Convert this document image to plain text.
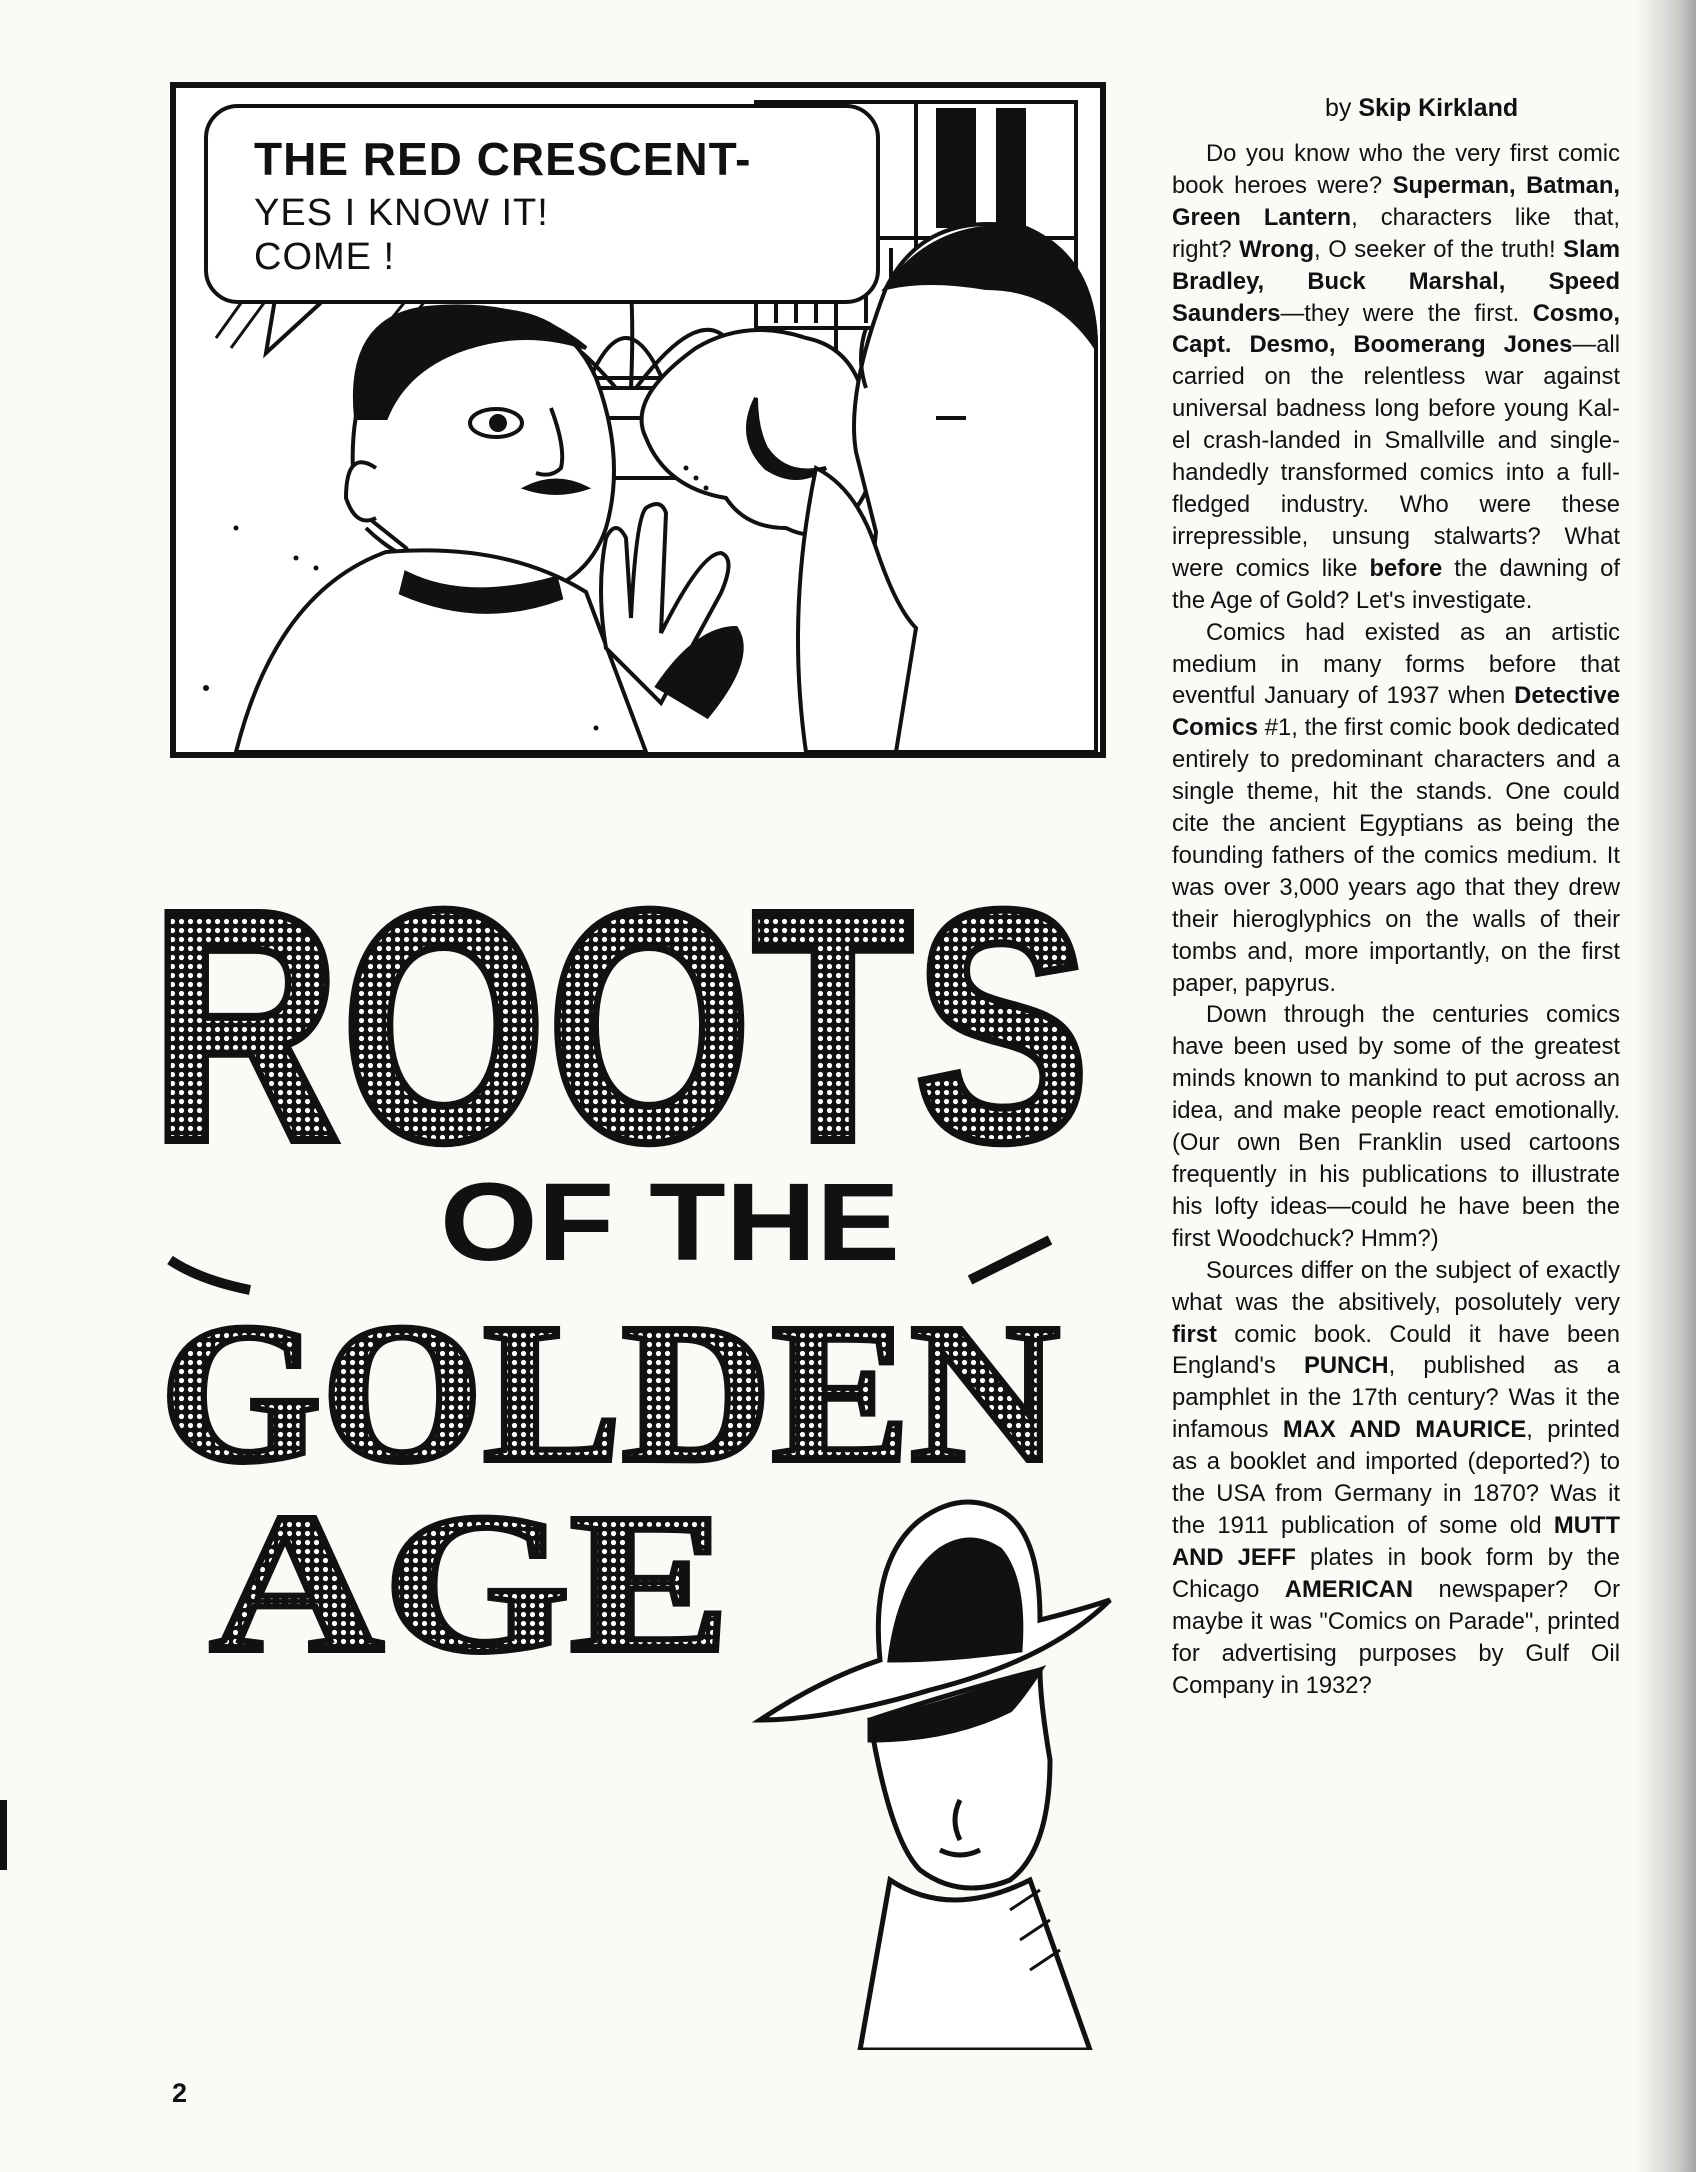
THE RED CRESCENT-
YES I KNOW IT!
COME !
ROOTS
OF THE
GOLDEN
AGE
by Skip Kirkland

Do you know who the very first comic book heroes were? Superman, Batman, Green Lantern, characters like that, right? Wrong, O seeker of the truth! Slam Bradley, Buck Marshal, Speed Saunders—they were the first. Cosmo, Capt. Desmo, Boomerang Jones—all carried on the relentless war against universal badness long before young Kal-el crash-landed in Smallville and single-handedly transformed comics into a full-fledged industry. Who were these irrepressible, unsung stalwarts? What were comics like before the dawning of the Age of Gold? Let's investigate.

Comics had existed as an artistic medium in many forms before that eventful January of 1937 when Detective Comics #1, the first comic book dedicated entirely to predominant characters and a single theme, hit the stands. One could cite the ancient Egyptians as being the founding fathers of the comics medium. It was over 3,000 years ago that they drew their hieroglyphics on the walls of their tombs and, more importantly, on the first paper, papyrus.

Down through the centuries comics have been used by some of the greatest minds known to mankind to put across an idea, and make people react emotionally. (Our own Ben Franklin used cartoons frequently in his publications to illustrate his lofty ideas—could he have been the first Woodchuck? Hmm?)

Sources differ on the subject of exactly what was the absitively, posolutely very first comic book. Could it have been England's PUNCH, published as a pamphlet in the 17th century? Was it the infamous MAX AND MAURICE, printed as a booklet and imported (deported?) to the USA from Germany in 1870? Was it the 1911 publication of some old MUTT AND JEFF plates in book form by the Chicago AMERICAN newspaper? Or maybe it was "Comics on Parade", printed for advertising purposes by Gulf Oil Company in 1932?

2
